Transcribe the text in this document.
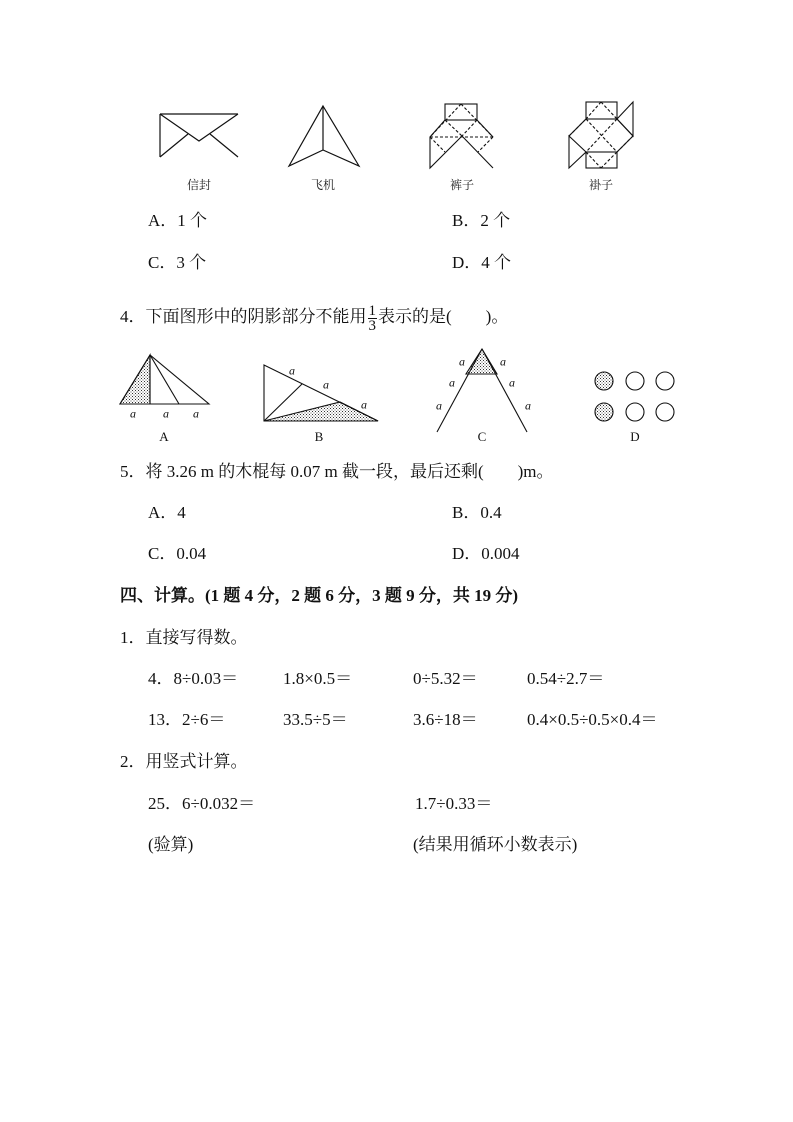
信封	飞机	裤子	褂子
A．1 个	B．2 个
C．3 个	D．4 个
4．下面图形中的阴影部分不能用 $\frac{1}{3}$ 表示的是(　　)。
a a a
a
a
a
a	a
a	a
a	a
A	B	C	D
5．将 3.26 m 的木棍每 0.07 m 截一段，最后还剩(　　)m。
A．4	B．0.4
C．0.04	D．0.004
四、计算。(1 题 4 分，2 题 6 分，3 题 9 分，共 19 分)
1．直接写得数。
4．8÷0.03＝	1.8×0.5＝	0÷5.32＝	0.54÷2.7＝
13．2÷6＝	33.5÷5＝	3.6÷18＝	0.4×0.5÷0.5×0.4＝
2．用竖式计算。
25．6÷0.032＝	1.7÷0.33＝
(验算)	(结果用循环小数表示)
